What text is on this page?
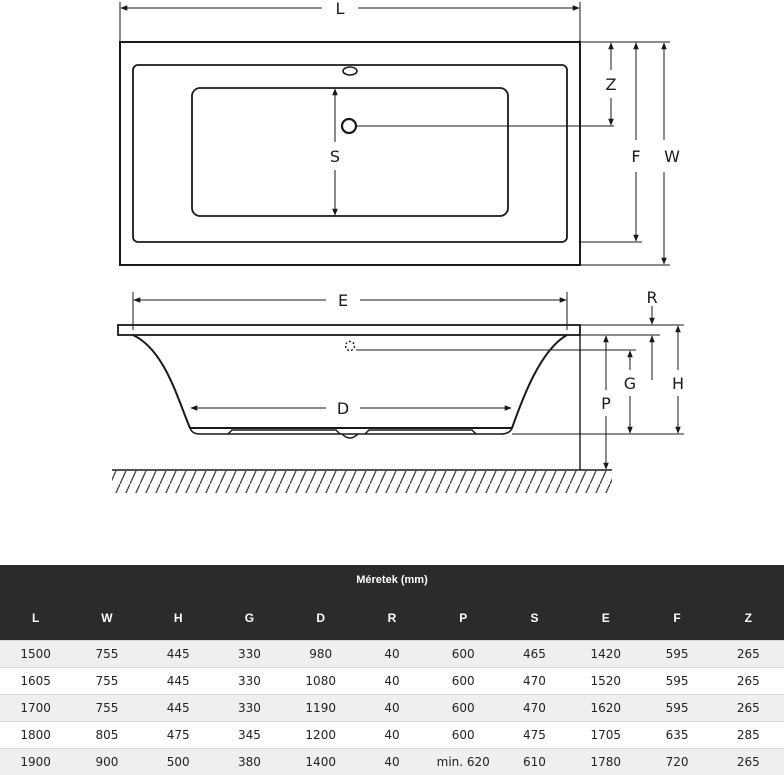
L
W
F
Z
S
E
D
R
H
G
P
Méretek (mm)										
L	W	H	G	D	R	P	S	E	F	Z
1500	755	445	330	980	40	600	465	1420	595	265
1605	755	445	330	1080	40	600	470	1520	595	265
1700	755	445	330	1190	40	600	470	1620	595	265
1800	805	475	345	1200	40	600	475	1705	635	285
1900	900	500	380	1400	40	min. 620	610	1780	720	265
